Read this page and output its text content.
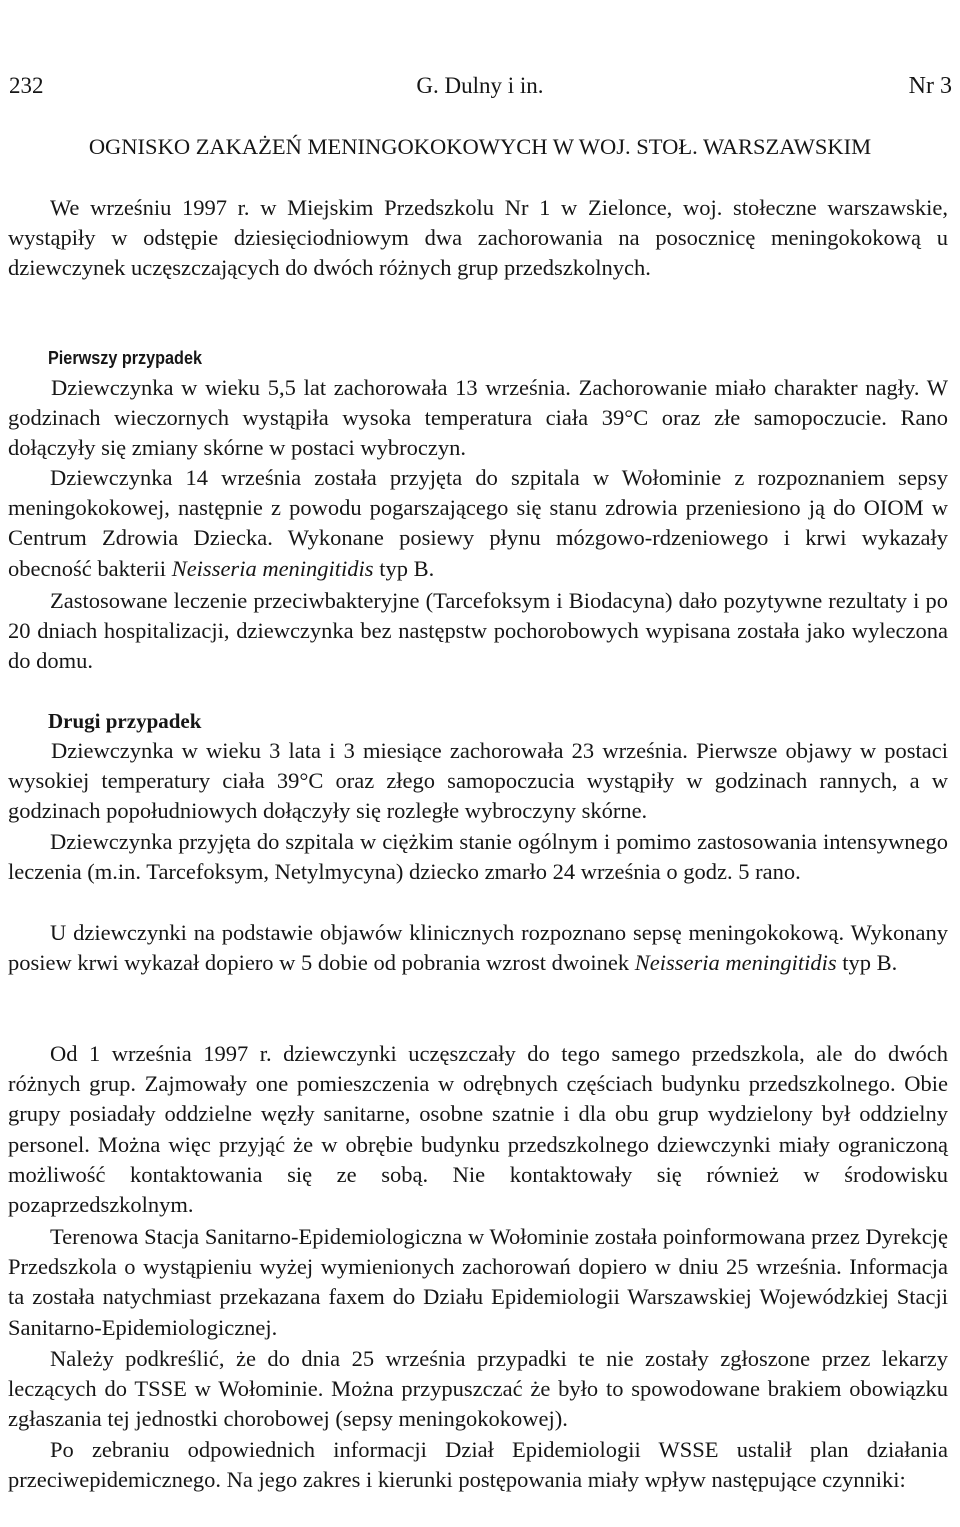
232	G. Dulny i in.	Nr 3
OGNISKO ZAKAŻEŃ MENINGOKOKOWYCH W WOJ. STOŁ. WARSZAWSKIM

We wrześniu 1997 r. w Miejskim Przedszkolu Nr 1 w Zielonce, woj. stołeczne warszawskie, wystąpiły w odstępie dziesięciodniowym dwa zachorowania na posocznicę meningokokową u dziewczynek uczęszczających do dwóch różnych grup przedszkolnych.

Pierwszy przypadek

Dziewczynka w wieku 5,5 lat zachorowała 13 września. Zachorowanie miało charakter nagły. W godzinach wieczornych wystąpiła wysoka temperatura ciała 39°C oraz złe samopoczucie. Rano dołączyły się zmiany skórne w postaci wybroczyn.

Dziewczynka 14 września została przyjęta do szpitala w Wołominie z rozpoznaniem sepsy meningokokowej, następnie z powodu pogarszającego się stanu zdrowia przeniesiono ją do OIOM w Centrum Zdrowia Dziecka. Wykonane posiewy płynu mózgowo-rdzeniowego i krwi wykazały obecność bakterii Neisseria meningitidis typ B.

Zastosowane leczenie przeciwbakteryjne (Tarcefoksym i Biodacyna) dało pozytywne rezultaty i po 20 dniach hospitalizacji, dziewczynka bez następstw pochorobowych wypisana została jako wyleczona do domu.

Drugi przypadek

Dziewczynka w wieku 3 lata i 3 miesiące zachorowała 23 września. Pierwsze objawy w postaci wysokiej temperatury ciała 39°C oraz złego samopoczucia wystąpiły w godzinach rannych, a w godzinach popołudniowych dołączyły się rozległe wybroczyny skórne.

Dziewczynka przyjęta do szpitala w ciężkim stanie ogólnym i pomimo zastosowania intensywnego leczenia (m.in. Tarcefoksym, Netylmycyna) dziecko zmarło 24 września o godz. 5 rano.

U dziewczynki na podstawie objawów klinicznych rozpoznano sepsę meningokokową. Wykonany posiew krwi wykazał dopiero w 5 dobie od pobrania wzrost dwoinek Neisseria meningitidis typ B.

Od 1 września 1997 r. dziewczynki uczęszczały do tego samego przedszkola, ale do dwóch różnych grup. Zajmowały one pomieszczenia w odrębnych częściach budynku przedszkolnego. Obie grupy posiadały oddzielne węzły sanitarne, osobne szatnie i dla obu grup wydzielony był oddzielny personel. Można więc przyjąć że w obrębie budynku przedszkolnego dziewczynki miały ograniczoną możliwość kontaktowania się ze sobą. Nie kontaktowały się również w środowisku pozaprzedszkolnym.

Terenowa Stacja Sanitarno-Epidemiologiczna w Wołominie została poinformowana przez Dyrekcję Przedszkola o wystąpieniu wyżej wymienionych zachorowań dopiero w dniu 25 września. Informacja ta została natychmiast przekazana faxem do Działu Epidemiologii Warszawskiej Wojewódzkiej Stacji Sanitarno-Epidemiologicznej.

Należy podkreślić, że do dnia 25 września przypadki te nie zostały zgłoszone przez lekarzy leczących do TSSE w Wołominie. Można przypuszczać że było to spowodowane brakiem obowiązku zgłaszania tej jednostki chorobowej (sepsy meningokokowej).

Po zebraniu odpowiednich informacji Dział Epidemiologii WSSE ustalił plan działania przeciwepidemicznego. Na jego zakres i kierunki postępowania miały wpływ następujące czynniki:
